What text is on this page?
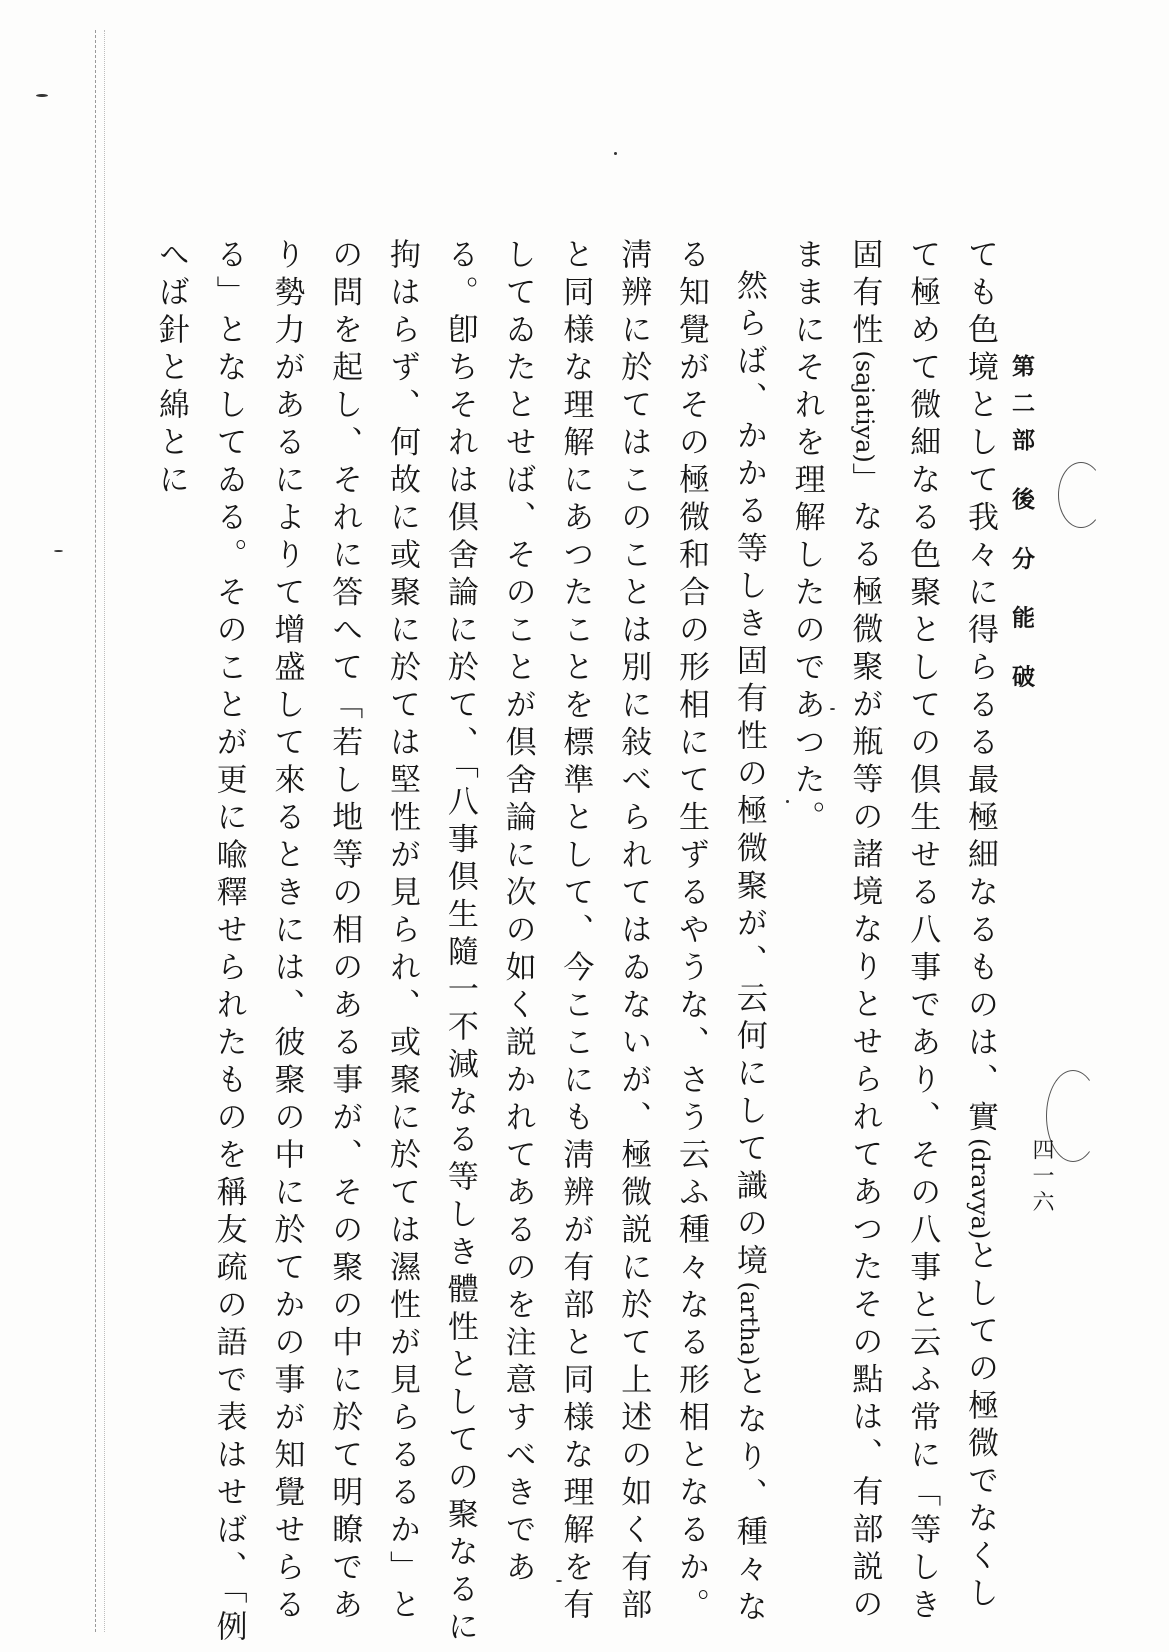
第二部 後 分 能 破
四一六

ても色境として我々に得らるる最極細なるものは、實(dravya)としての極微でなくして極めて微細なる色聚としての倶生せる八事であり、その八事と云ふ常に「等しき固有性(sajatiya)」なる極微聚が瓶等の諸境なりとせられてあつたその點は、有部説のままにそれを理解したのであつた。

然らば、かかる等しき固有性の極微聚が、云何にして識の境(artha)となり、種々なる知覺がその極微和合の形相にて生ずるやうな、さう云ふ種々なる形相となるか。淸辨に於てはこのことは別に敍べられてはゐないが、極微説に於て上述の如く有部と同様な理解にあつたことを標準として、今ここにも淸辨が有部と同様な理解を有してゐたとせば、そのことが倶舍論に次の如く説かれてあるのを注意すべきである。卽ちそれは倶舍論に於て、「八事倶生隨一不減なる等しき體性としての聚なるに拘はらず、何故に或聚に於ては堅性が見られ、或聚に於ては濕性が見らるるか」との問を起し、それに答へて「若し地等の相のある事が、その聚の中に於て明瞭であり勢力があるによりて增盛して來るときには、彼聚の中に於てかの事が知覺せらるる」となしてゐる。そのことが更に喩釋せられたものを稱友疏の語で表はせば、「例へば針と綿とに
